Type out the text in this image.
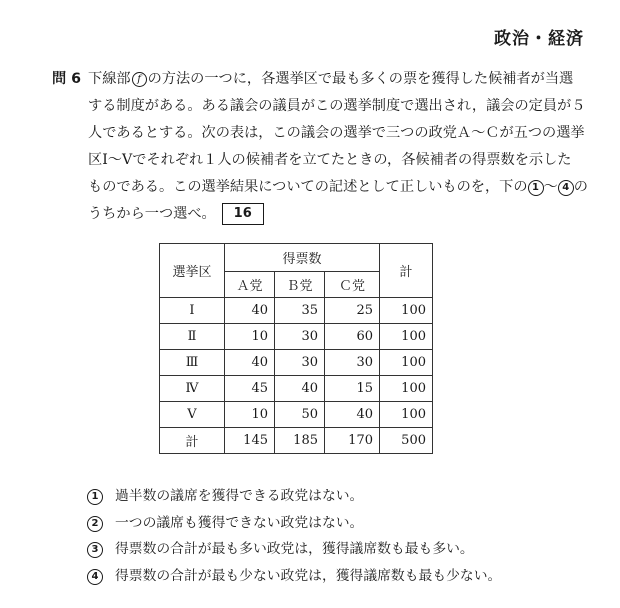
政治・経済
問 6 下線部 f の方法の一つに，各選挙区で最も多くの票を獲得した候補者が当選
する制度がある。ある議会の議員がこの選挙制度で選出され，議会の定員が５
人であるとする。次の表は，この議会の選挙で三つの政党Ａ～Ｃが五つの選挙
区Ⅰ～Ⅴでそれぞれ１人の候補者を立てたときの，各候補者の得票数を示した
ものである。この選挙結果についての記述として正しいものを，下の 1 ～ 4 の
うちから一つ選べ。 16
選挙区	得票数			計
	Ａ党	Ｂ党	Ｃ党	
Ⅰ	40	35	25	100
Ⅱ	10	30	60	100
Ⅲ	40	30	30	100
Ⅳ	45	40	15	100
Ⅴ	10	50	40	100
計	145	185	170	500
1 過半数の議席を獲得できる政党はない。
2 一つの議席も獲得できない政党はない。
3 得票数の合計が最も多い政党は，獲得議席数も最も多い。
4 得票数の合計が最も少ない政党は，獲得議席数も最も少ない。
